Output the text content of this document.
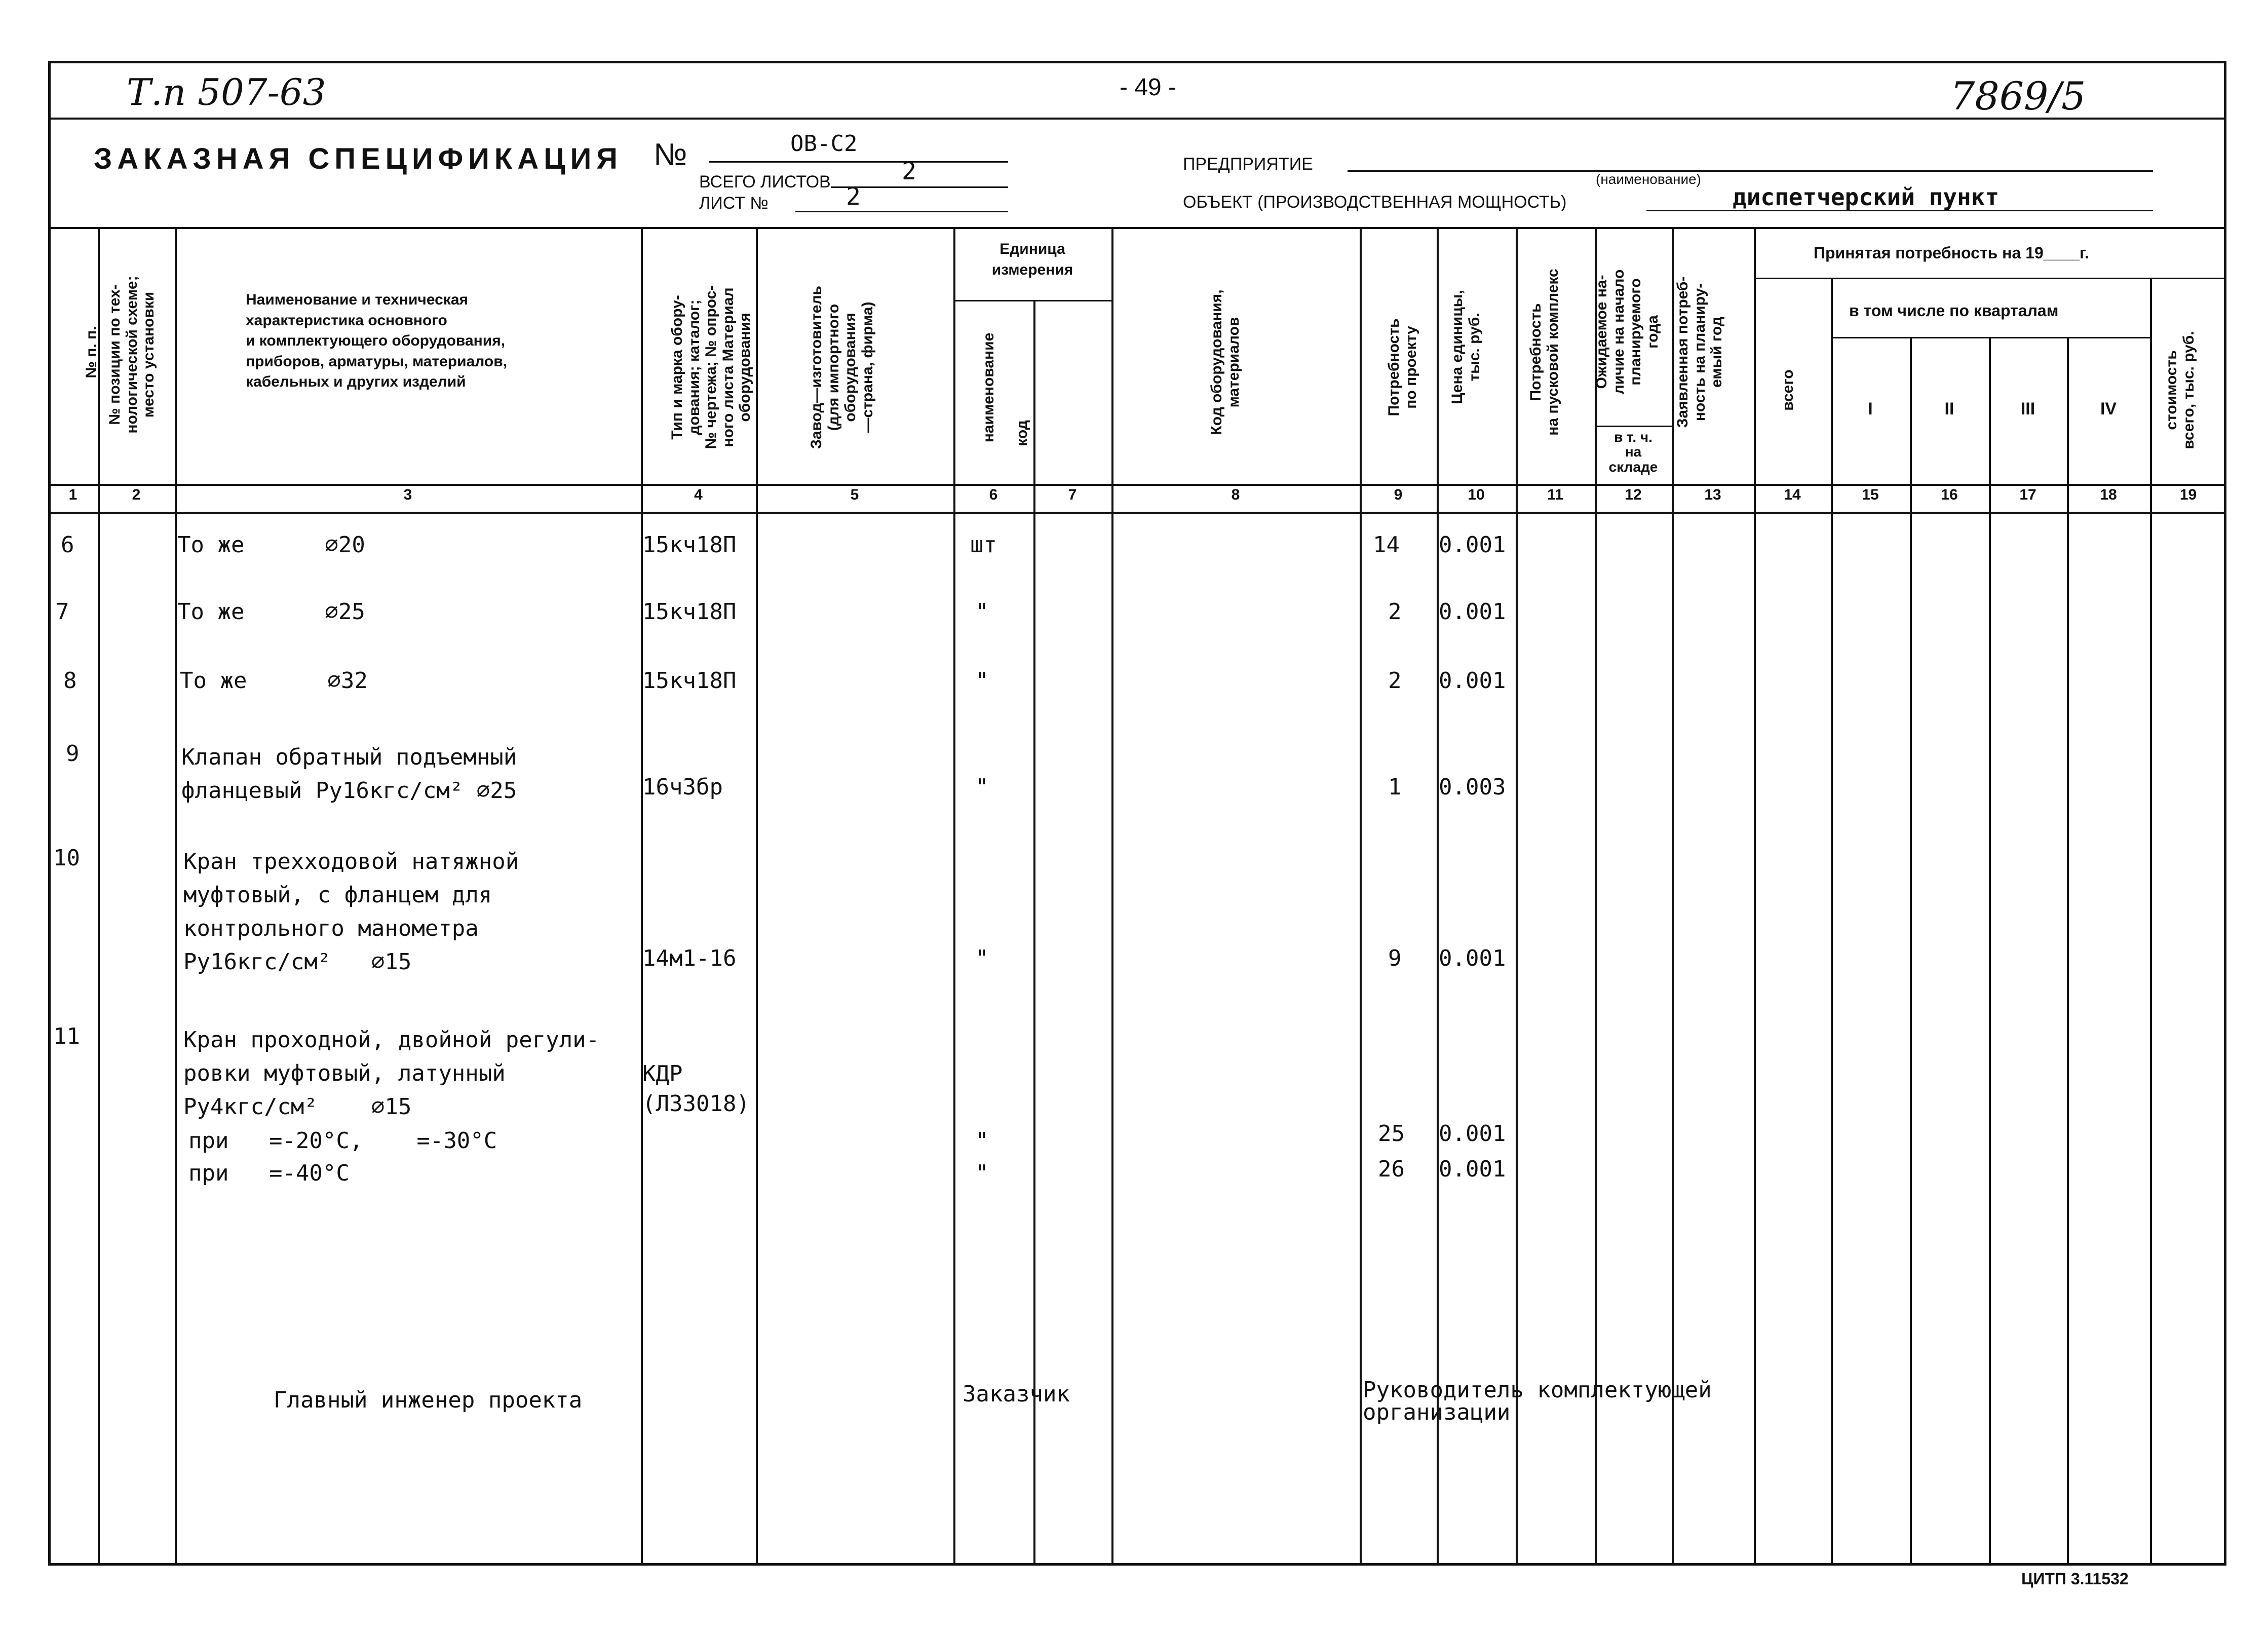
Т.п 507-63	- 49 -	7869/5
ЗАКАЗНАЯ СПЕЦИФИКАЦИЯ №	ОВ-С2
ВСЕГО ЛИСТОВ	2
ЛИСТ №	2
ПРЕДПРИЯТИЕ
(наименование)
ОБЪЕКТ (ПРОИЗВОДСТВЕННАЯ МОЩНОСТЬ)	диспетчерский пункт
№ п. п.
№ позиции по тех-
нологической схеме;
место установки	Наименование и техническая
характеристика основного
и комплектующего оборудования,
приборов, арматуры, материалов,
кабельных и других изделий
Тип и марка обору-
дования; каталог;
№ чертежа; № опрос-
ного листа Материал
оборудования	Завод—изготовитель
(для импортного
оборудования
—страна, фирма)
Единица
измерения
наименование	код	Код оборудования,
материалов	Потребность
по проекту	Цена единицы,
тыс. руб.	Потребность
на пусковой комплекс	Ожидаемое на-
личие на начало
планируемого
года
в т. ч.
на
складе
Заявленная потреб-
ность на планиру-
емый год
Принятая потребность на 19____г.
всего
в том числе по кварталам
I	II	III	IV	стоимость
всего, тыс. руб.
1	2	3	4	5	6	7	8	9	10	11	12	13	14	15	16	17	18	19
6	То же      ∅20	15кч18П	шт	14 0.001
7	То же      ∅25	15кч18П	"	2 0.001
8	То же      ∅32	15кч18П	"	2 0.001
9	Клапан обратный подъемный
фланцевый Ру16кгс/см² ∅25	16ч3бр	"	1 0.003
10	Кран трехходовой натяжной
муфтовый, с фланцем для
контрольного манометра
Ру16кгс/см²   ∅15	14м1-16	"	9 0.001
11	Кран проходной, двойной регули-
ровки муфтовый, латунный
Ру4кгс/см²    ∅15
КДР
(ЛЗ3018)
при   =-20°С,    =-30°С	"	25 0.001
при   =-40°С	"	26 0.001
Главный инженер проекта	Заказчик	Руководитель комплектующей
организации
ЦИТП 3.11532
